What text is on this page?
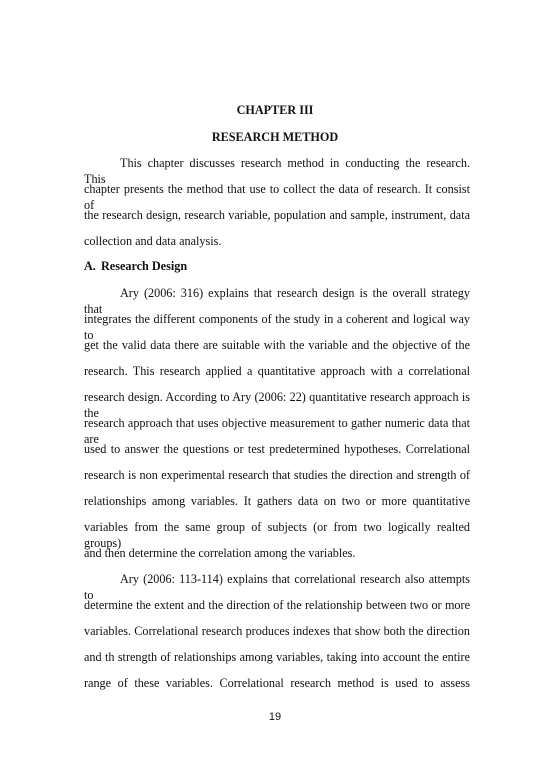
CHAPTER III

RESEARCH METHOD

This chapter discusses research method in conducting the research. This

chapter presents the method that use to collect the data of research. It consist of

the research design, research variable, population and sample, instrument, data

collection and data analysis.

A. Research Design

Ary (2006: 316) explains that research design is the overall strategy that

integrates the different components of the study in a coherent and logical way to

get the valid data there are suitable with the variable and the objective of the

research. This research applied a quantitative approach with a correlational

research design. According to Ary (2006: 22) quantitative research approach is the

research approach that uses objective measurement to gather numeric data that are

used to answer the questions or test predetermined hypotheses. Correlational

research is non experimental research that studies the direction and strength of

relationships among variables. It gathers data on two or more quantitative

variables from the same group of subjects (or from two logically realted groups)

and then determine the correlation among the variables.

Ary (2006: 113-114) explains that correlational research also attempts to

determine the extent and the direction of the relationship between two or more

variables. Correlational research produces indexes that show both the direction

and th strength of relationships among variables, taking into account the entire

range of these variables. Correlational research method is used to assess

19
